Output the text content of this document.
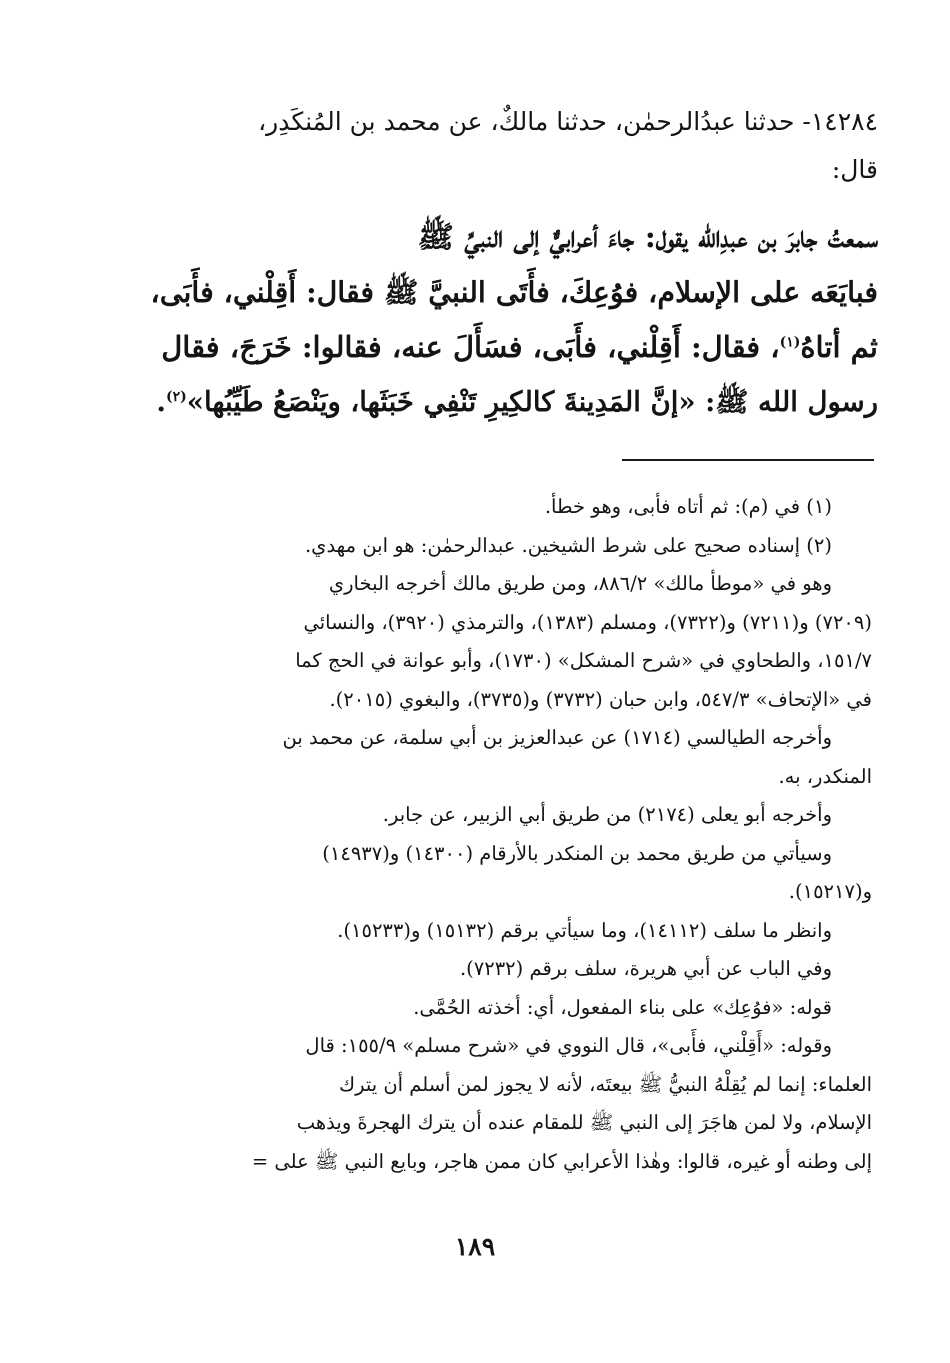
١٤٢٨٤- حدثنا عبدُالرحمٰن، حدثنا مالكٌ، عن محمد بن المُنكَدِر،
قال:

سمعتُ جابرَ بن عبدِالله يقول: جاءَ أعرابيٌّ إلى النبيِّ ﷺ
فبايَعَه على الإسلام، فوُعِكَ، فأَتَى النبيَّ ﷺ فقال: أَقِلْني، فأَبَى،
ثم أتاهُ$^{(١)}$، فقال: أَقِلْني، فأَبَى، فسَأَلَ عنه، فقالوا: خَرَجَ، فقال
رسول الله ﷺ: «إنَّ المَدِينةَ كالكِيرِ تَنْفِي خَبَثَها، ويَنْصَعُ طَيِّبُها»$^{(٢)}$.

(١) في (م): ثم أتاه فأبى، وهو خطأ.
(٢) إسناده صحيح على شرط الشيخين. عبدالرحمٰن: هو ابن مهدي.
وهو في «موطأ مالك» ٨٨٦/٢، ومن طريق مالك أخرجه البخاري
(٧٢٠٩) و(٧٢١١) و(٧٣٢٢)، ومسلم (١٣٨٣)، والترمذي (٣٩٢٠)، والنسائي
١٥١/٧، والطحاوي في «شرح المشكل» (١٧٣٠)، وأبو عوانة في الحج كما
في «الإتحاف» ٥٤٧/٣، وابن حبان (٣٧٣٢) و(٣٧٣٥)، والبغوي (٢٠١٥).
وأخرجه الطيالسي (١٧١٤) عن عبدالعزيز بن أبي سلمة، عن محمد بن
المنكدر، به.
وأخرجه أبو يعلى (٢١٧٤) من طريق أبي الزبير، عن جابر.
وسيأتي من طريق محمد بن المنكدر بالأرقام (١٤٣٠٠) و(١٤٩٣٧)
و(١٥٢١٧).
وانظر ما سلف (١٤١١٢)، وما سيأتي برقم (١٥١٣٢) و(١٥٢٣٣).
وفي الباب عن أبي هريرة، سلف برقم (٧٢٣٢).
قوله: «فوُعِك» على بناء المفعول، أي: أخذته الحُمَّى.
وقوله: «أَقِلْني، فأَبى»، قال النووي في «شرح مسلم» ١٥٥/٩: قال
العلماء: إنما لم يُقِلْهُ النبيُّ ﷺ بيعتَه، لأنه لا يجوز لمن أسلم أن يترك
الإسلام، ولا لمن هاجَرَ إلى النبي ﷺ للمقام عنده أن يترك الهجرةَ ويذهب
إلى وطنه أو غيره، قالوا: وهٰذا الأعرابي كان ممن هاجر، وبايع النبي ﷺ على =
١٨٩
